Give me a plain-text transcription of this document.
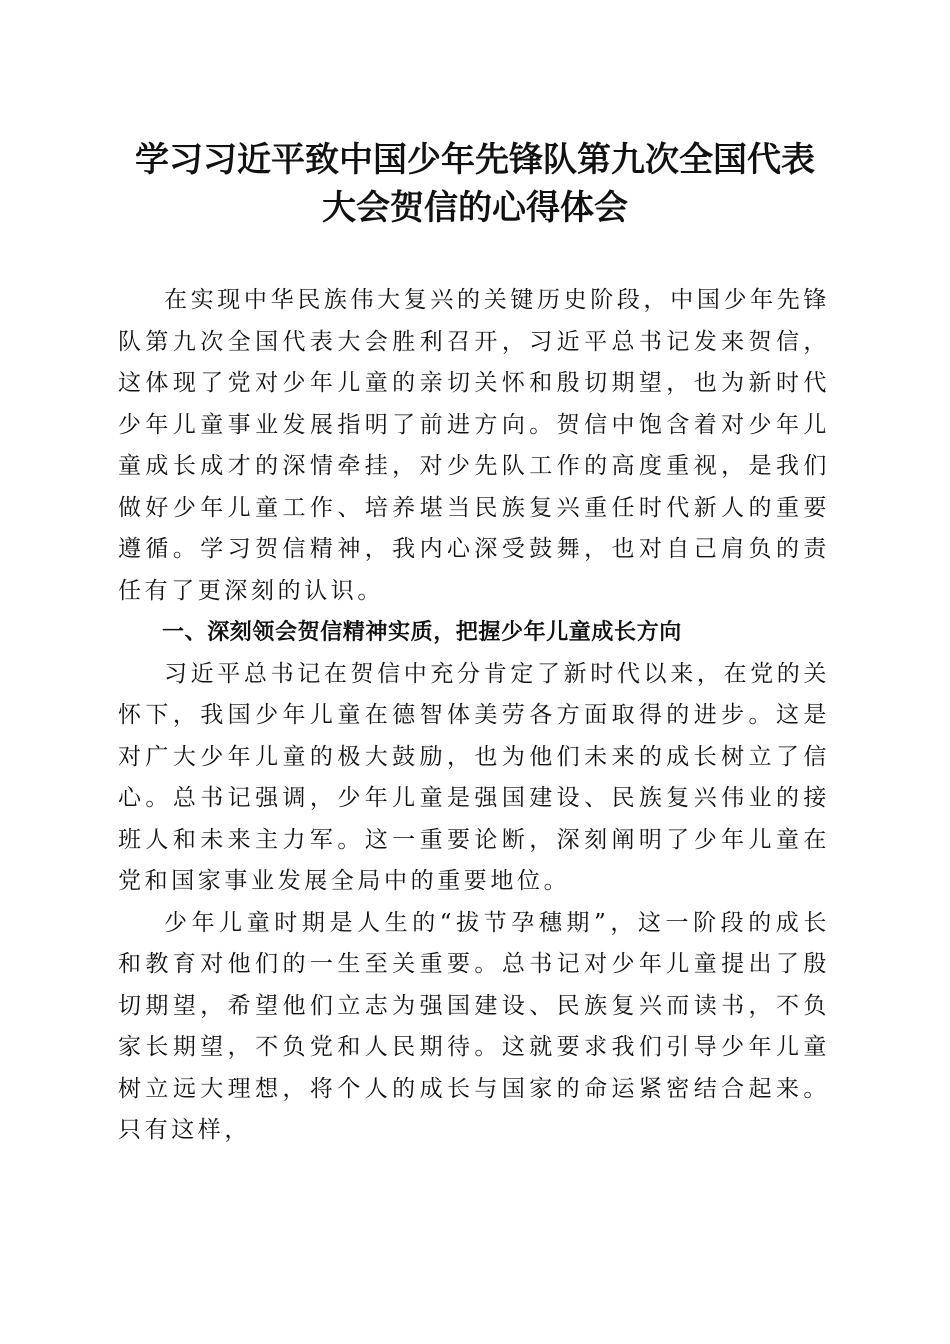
学习习近平致中国少年先锋队第九次全国代表
大会贺信的心得体会

在实现中华民族伟大复兴的关键历史阶段，中国少年先锋队第九次全国代表大会胜利召开，习近平总书记发来贺信，这体现了党对少年儿童的亲切关怀和殷切期望，也为新时代少年儿童事业发展指明了前进方向。贺信中饱含着对少年儿童成长成才的深情牵挂，对少先队工作的高度重视，是我们做好少年儿童工作、培养堪当民族复兴重任时代新人的重要遵循。学习贺信精神，我内心深受鼓舞，也对自己肩负的责任有了更深刻的认识。

一、深刻领会贺信精神实质，把握少年儿童成长方向

习近平总书记在贺信中充分肯定了新时代以来，在党的关怀下，我国少年儿童在德智体美劳各方面取得的进步。这是对广大少年儿童的极大鼓励，也为他们未来的成长树立了信心。总书记强调，少年儿童是强国建设、民族复兴伟业的接班人和未来主力军。这一重要论断，深刻阐明了少年儿童在党和国家事业发展全局中的重要地位。

少年儿童时期是人生的“拔节孕穗期”，这一阶段的成长和教育对他们的一生至关重要。总书记对少年儿童提出了殷切期望，希望他们立志为强国建设、民族复兴而读书，不负家长期望，不负党和人民期待。这就要求我们引导少年儿童树立远大理想，将个人的成长与国家的命运紧密结合起来。只有这样，
